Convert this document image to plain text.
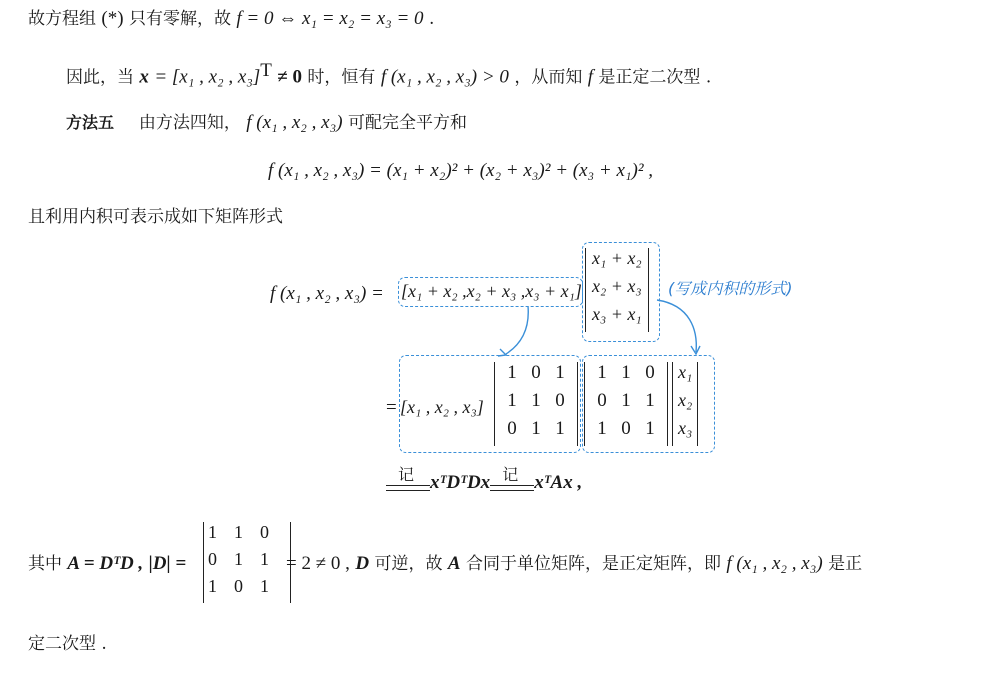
故方程组 (*) 只有零解，故 f = 0 ⇔ x₁ = x₂ = x₃ = 0 .
因此，当 x = [x₁ , x₂ , x₃]$^T$ ≠ 0 时，恒有 f (x₁ , x₂ , x₃) > 0 ，从而知 f 是正定二次型 .
方法五 由方法四知， f (x₁ , x₂ , x₃) 可配完全平方和
f (x₁ , x₂ , x₃) = (x₁ + x₂)² + (x₂ + x₃)² + (x₃ + x₁)² ,
且利用内积可表示成如下矩阵形式
f (x₁ , x₂ , x₃) = [x₁ + x₂ ,x₂ + x₃ ,x₃ + x₁]
x₁ + x₂
x₂ + x₃
x₃ + x₁
(写成内积的形式)
= [x₁ , x₂ , x₃]
1 0 1
1 1 0
0 1 1
1 1 0
0 1 1
1 0 1
x₁
x₂
x₃
记 xᵀDᵀDx 记 xᵀAx ,
其中 A = DᵀD , |D| =
1 1 0
0 1 1
1 0 1
= 2 ≠ 0 , D 可逆，故 A 合同于单位矩阵，是正定矩阵，即 f (x₁ , x₂ , x₃) 是正
定二次型 .
